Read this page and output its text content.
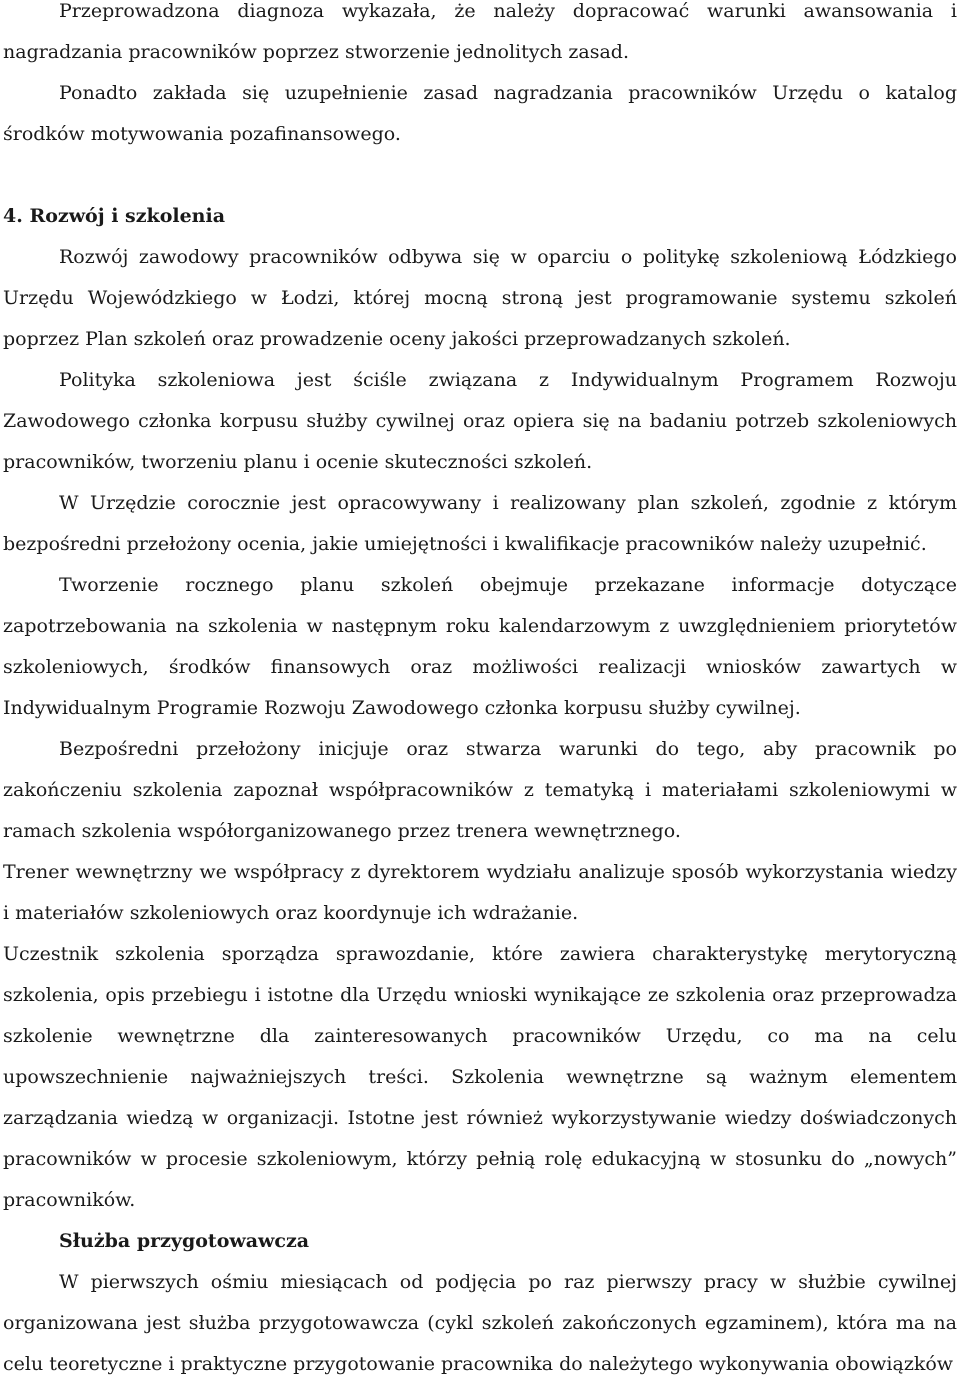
Przeprowadzona diagnoza wykazała, że należy dopracować warunki awansowania i nagradzania pracowników poprzez stworzenie jednolitych zasad.

Ponadto zakłada się uzupełnienie zasad nagradzania pracowników Urzędu o katalog środków motywowania pozafinansowego.

4. Rozwój i szkolenia

Rozwój zawodowy pracowników odbywa się w oparciu o politykę szkoleniową Łódzkiego Urzędu Wojewódzkiego w Łodzi, której mocną stroną jest programowanie systemu szkoleń poprzez Plan szkoleń oraz prowadzenie oceny jakości przeprowadzanych szkoleń.

Polityka szkoleniowa jest ściśle związana z Indywidualnym Programem Rozwoju Zawodowego członka korpusu służby cywilnej oraz opiera się na badaniu potrzeb szkoleniowych pracowników, tworzeniu planu i ocenie skuteczności szkoleń.

W Urzędzie corocznie jest opracowywany i realizowany plan szkoleń, zgodnie z którym bezpośredni przełożony ocenia, jakie umiejętności i kwalifikacje pracowników należy uzupełnić.

Tworzenie rocznego planu szkoleń obejmuje przekazane informacje dotyczące zapotrzebowania na szkolenia w następnym roku kalendarzowym z uwzględnieniem priorytetów szkoleniowych, środków finansowych oraz możliwości realizacji wniosków zawartych w Indywidualnym Programie Rozwoju Zawodowego członka korpusu służby cywilnej.

Bezpośredni przełożony inicjuje oraz stwarza warunki do tego, aby pracownik po zakończeniu szkolenia zapoznał współpracowników z tematyką i materiałami szkoleniowymi w ramach szkolenia współorganizowanego przez trenera wewnętrznego.

Trener wewnętrzny we współpracy z dyrektorem wydziału analizuje sposób wykorzystania wiedzy i materiałów szkoleniowych oraz koordynuje ich wdrażanie.

Uczestnik szkolenia sporządza sprawozdanie, które zawiera charakterystykę merytoryczną szkolenia, opis przebiegu i istotne dla Urzędu wnioski wynikające ze szkolenia oraz przeprowadza szkolenie wewnętrzne dla zainteresowanych pracowników Urzędu, co ma na celu upowszechnienie najważniejszych treści. Szkolenia wewnętrzne są ważnym elementem zarządzania wiedzą w organizacji. Istotne jest również wykorzystywanie wiedzy doświadczonych pracowników w procesie szkoleniowym, którzy pełnią rolę edukacyjną w stosunku do „nowych” pracowników.

Służba przygotowawcza

W pierwszych ośmiu miesiącach od podjęcia po raz pierwszy pracy w służbie cywilnej organizowana jest służba przygotowawcza (cykl szkoleń zakończonych egzaminem), która ma na celu teoretyczne i praktyczne przygotowanie pracownika do należytego wykonywania obowiązków
